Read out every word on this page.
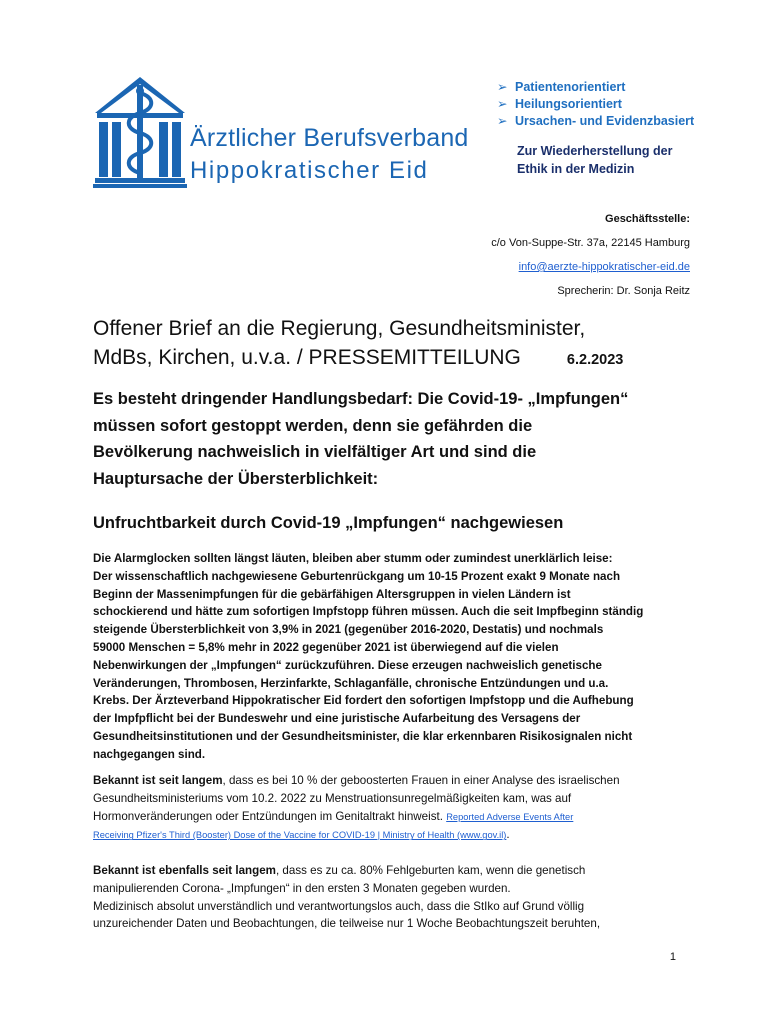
Ärztlicher Berufsverband
Hippokratischer Eid
➢ Patientenorientiert
➢ Heilungsorientiert
➢ Ursachen- und Evidenzbasiert
Zur Wiederherstellung der
Ethik in der Medizin
Geschäftsstelle:
c/o Von-Suppe-Str. 37a, 22145 Hamburg
info@aerzte-hippokratischer-eid.de
Sprecherin: Dr. Sonja Reitz
Offener Brief an die Regierung, Gesundheitsminister,
MdBs, Kirchen, u.v.a. / PRESSEMITTEILUNG	6.2.2023
Es besteht dringender Handlungsbedarf: Die Covid-19- „Impfungen“
müssen sofort gestoppt werden, denn sie gefährden die
Bevölkerung nachweislich in vielfältiger Art und sind die
Hauptursache der Übersterblichkeit:
Unfruchtbarkeit durch Covid-19 „Impfungen“ nachgewiesen
Die Alarmglocken sollten längst läuten, bleiben aber stumm oder zumindest unerklärlich leise:
Der wissenschaftlich nachgewiesene Geburtenrückgang um 10-15 Prozent exakt 9 Monate nach
Beginn der Massenimpfungen für die gebärfähigen Altersgruppen in vielen Ländern ist
schockierend und hätte zum sofortigen Impfstopp führen müssen. Auch die seit Impfbeginn ständig
steigende Übersterblichkeit von 3,9% in 2021 (gegenüber 2016-2020, Destatis) und nochmals
59000 Menschen = 5,8% mehr in 2022 gegenüber 2021 ist überwiegend auf die vielen
Nebenwirkungen der „Impfungen“ zurückzuführen. Diese erzeugen nachweislich genetische
Veränderungen, Thrombosen, Herzinfarkte, Schlaganfälle, chronische Entzündungen und u.a.
Krebs. Der Ärzteverband Hippokratischer Eid fordert den sofortigen Impfstopp und die Aufhebung
der Impfpflicht bei der Bundeswehr und eine juristische Aufarbeitung des Versagens der
Gesundheitsinstitutionen und der Gesundheitsminister, die klar erkennbaren Risikosignalen nicht
nachgegangen sind.
Bekannt ist seit langem, dass es bei 10 % der geboosterten Frauen in einer Analyse des israelischen
Gesundheitsministeriums vom 10.2. 2022 zu Menstruationsunregelmäßigkeiten kam, was auf
Hormonveränderungen oder Entzündungen im Genitaltrakt hinweist. Reported Adverse Events After
Receiving Pfizer's Third (Booster) Dose of the Vaccine for COVID-19 | Ministry of Health (www.gov.il).
Bekannt ist ebenfalls seit langem, dass es zu ca. 80% Fehlgeburten kam, wenn die genetisch
manipulierenden Corona- „Impfungen“ in den ersten 3 Monaten gegeben wurden.
Medizinisch absolut unverständlich und verantwortungslos auch, dass die StIko auf Grund völlig
unzureichender Daten und Beobachtungen, die teilweise nur 1 Woche Beobachtungszeit beruhten,
1
